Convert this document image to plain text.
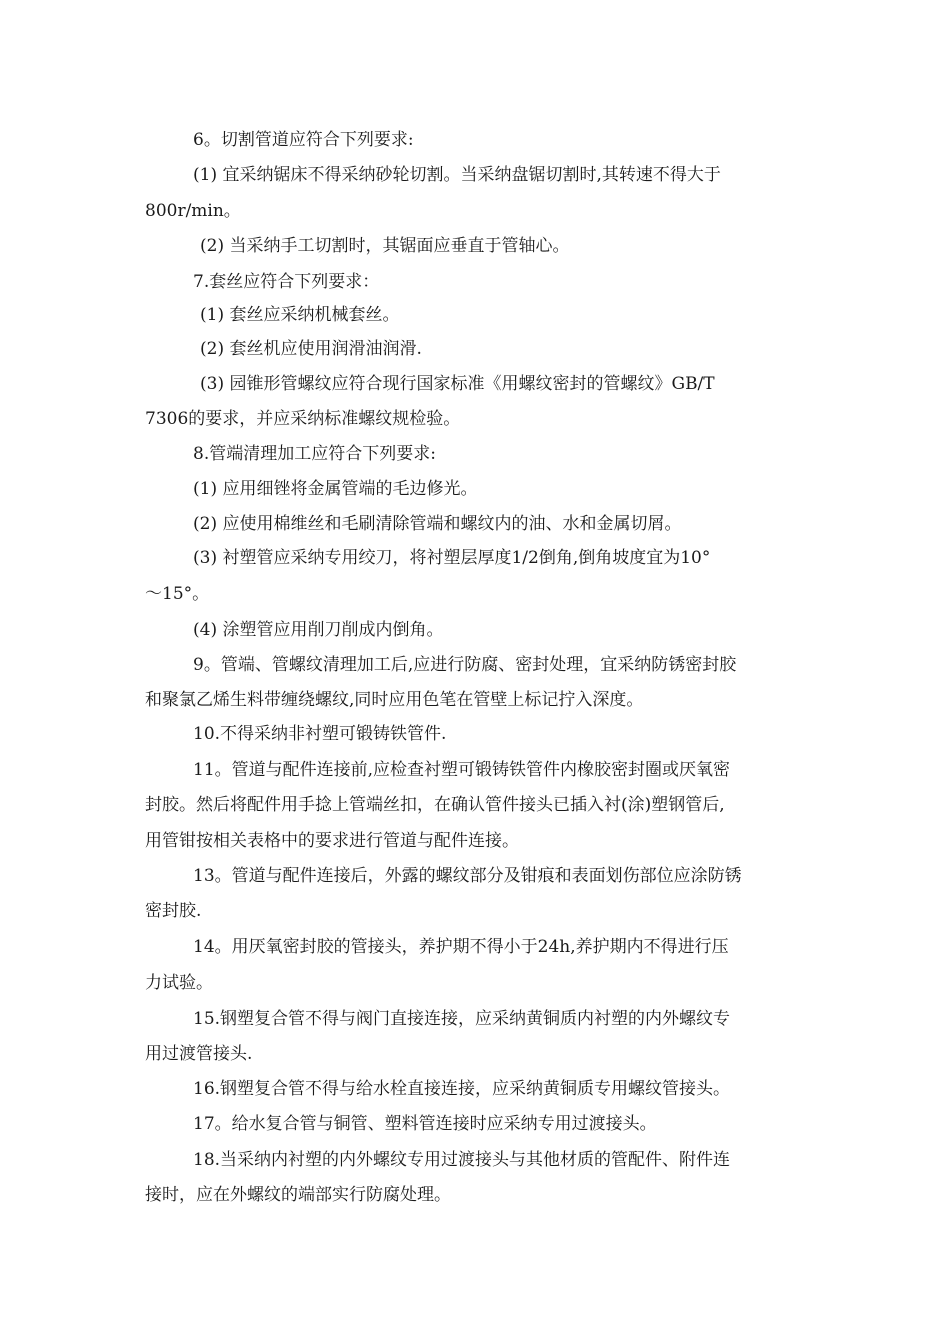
6。切割管道应符合下列要求:

(1) 宜采纳锯床不得采纳砂轮切割。当采纳盘锯切割时,其转速不得大于

800r/min。

(2) 当采纳手工切割时，其锯面应垂直于管轴心。

7.套丝应符合下列要求：

(1) 套丝应采纳机械套丝。

(2) 套丝机应使用润滑油润滑.

(3) 园锥形管螺纹应符合现行国家标准《用螺纹密封的管螺纹》GB/T

7306的要求，并应采纳标准螺纹规检验。

8.管端清理加工应符合下列要求:

(1) 应用细锉将金属管端的毛边修光。

(2) 应使用棉维丝和毛刷清除管端和螺纹内的油、水和金属切屑。

(3) 衬塑管应采纳专用绞刀，将衬塑层厚度1/2倒角,倒角坡度宜为10°

～15°。

(4) 涂塑管应用削刀削成内倒角。

9。管端、管螺纹清理加工后,应进行防腐、密封处理，宜采纳防锈密封胶

和聚氯乙烯生料带缠绕螺纹,同时应用色笔在管壁上标记拧入深度。

10.不得采纳非衬塑可锻铸铁管件.

11。管道与配件连接前,应检查衬塑可锻铸铁管件内橡胶密封圈或厌氧密

封胶。然后将配件用手捻上管端丝扣，在确认管件接头已插入衬(涂)塑钢管后,

用管钳按相关表格中的要求进行管道与配件连接。

13。管道与配件连接后，外露的螺纹部分及钳痕和表面划伤部位应涂防锈

密封胶.

14。用厌氧密封胶的管接头，养护期不得小于24h,养护期内不得进行压

力试验。

15.钢塑复合管不得与阀门直接连接，应采纳黄铜质内衬塑的内外螺纹专

用过渡管接头.

16.钢塑复合管不得与给水栓直接连接，应采纳黄铜质专用螺纹管接头。

17。给水复合管与铜管、塑料管连接时应采纳专用过渡接头。

18.当采纳内衬塑的内外螺纹专用过渡接头与其他材质的管配件、附件连

接时，应在外螺纹的端部实行防腐处理。
